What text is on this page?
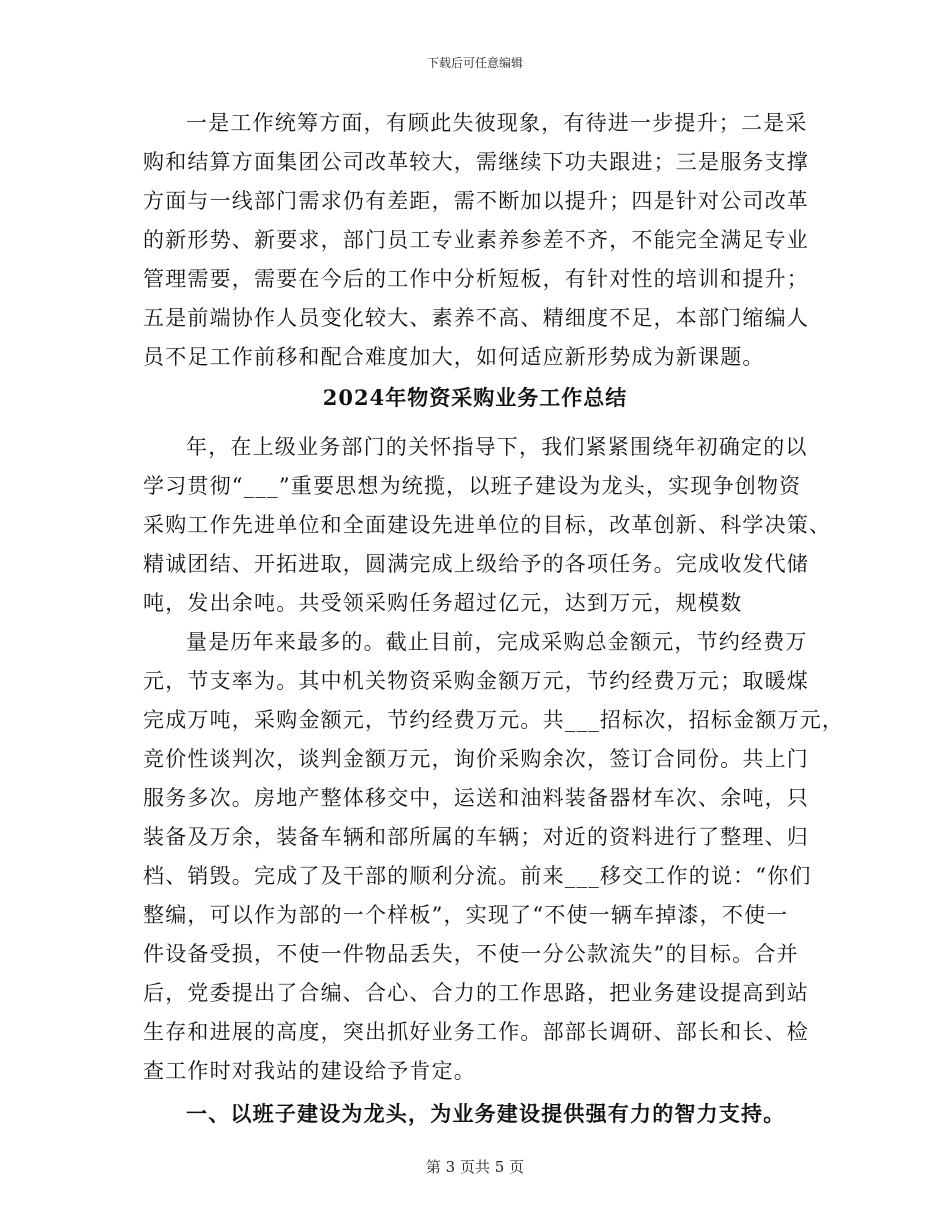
下载后可任意编辑
一是工作统筹方面，有顾此失彼现象，有待进一步提升；二是采
购和结算方面集团公司改革较大，需继续下功夫跟进；三是服务支撑
方面与一线部门需求仍有差距，需不断加以提升；四是针对公司改革
的新形势、新要求，部门员工专业素养参差不齐，不能完全满足专业
管理需要，需要在今后的工作中分析短板，有针对性的培训和提升；
五是前端协作人员变化较大、素养不高、精细度不足，本部门缩编人
员不足工作前移和配合难度加大，如何适应新形势成为新课题。
2024年物资采购业务工作总结
年，在上级业务部门的关怀指导下，我们紧紧围绕年初确定的以
学习贯彻“___”重要思想为统揽，以班子建设为龙头，实现争创物资
采购工作先进单位和全面建设先进单位的目标，改革创新、科学决策、
精诚团结、开拓进取，圆满完成上级给予的各项任务。完成收发代储
吨，发出余吨。共受领采购任务超过亿元，达到万元，规模数
量是历年来最多的。截止目前，完成采购总金额元，节约经费万
元，节支率为。其中机关物资采购金额万元，节约经费万元；取暖煤
完成万吨，采购金额元，节约经费万元。共___招标次，招标金额万元，
竞价性谈判次，谈判金额万元，询价采购余次，签订合同份。共上门
服务多次。房地产整体移交中，运送和油料装备器材车次、余吨，只
装备及万余，装备车辆和部所属的车辆；对近的资料进行了整理、归
档、销毁。完成了及干部的顺利分流。前来___移交工作的说：“你们
整编，可以作为部的一个样板”，实现了“不使一辆车掉漆，不使一
件设备受损，不使一件物品丢失，不使一分公款流失”的目标。合并
后，党委提出了合编、合心、合力的工作思路，把业务建设提高到站
生存和进展的高度，突出抓好业务工作。部部长调研、部长和长、检
查工作时对我站的建设给予肯定。
一、以班子建设为龙头，为业务建设提供强有力的智力支持。
第 3 页共 5 页
